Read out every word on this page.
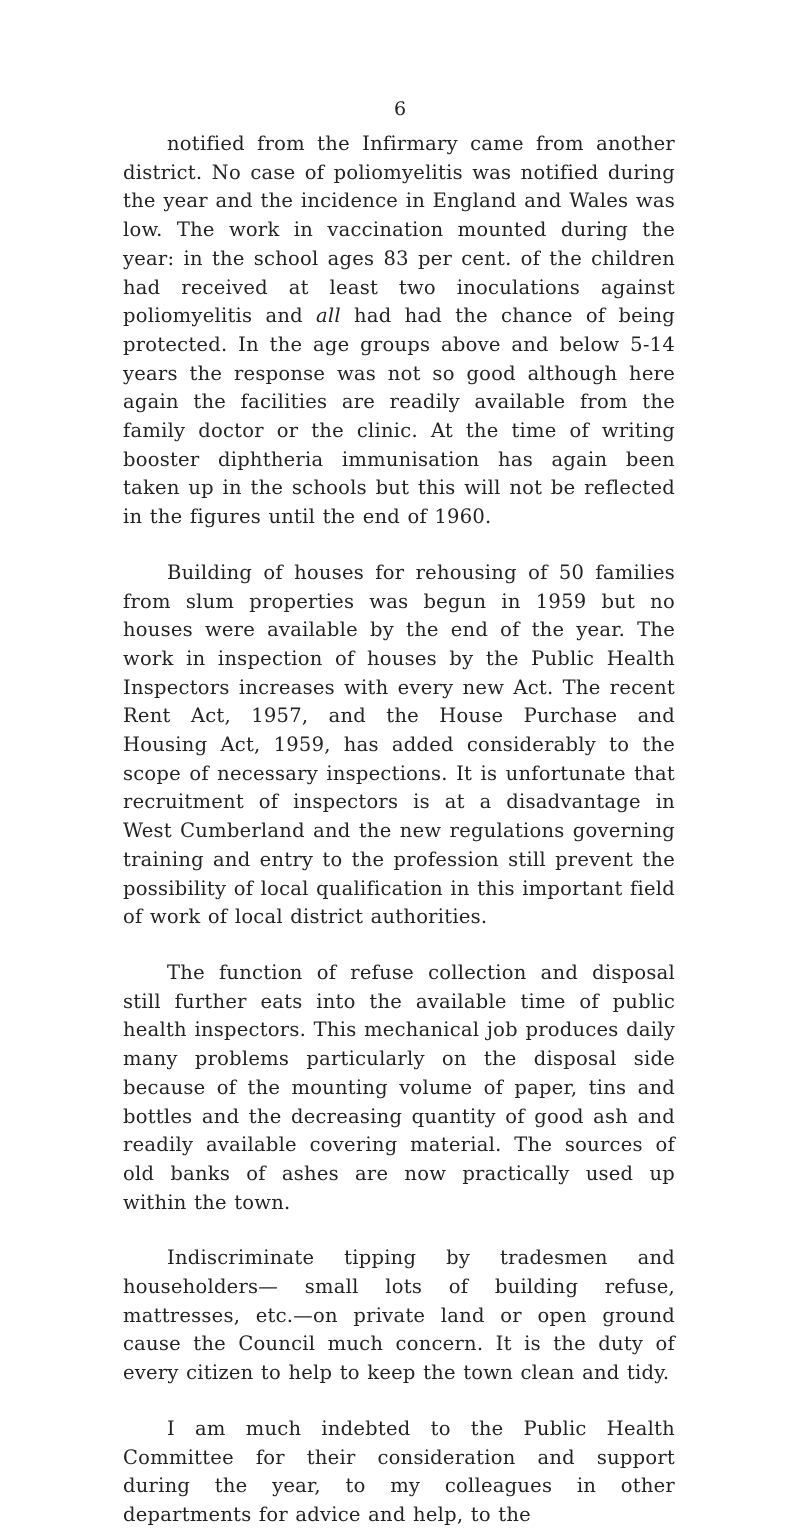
6

notified from the Infirmary came from another district. No case of poliomyelitis was notified during the year and the incidence in England and Wales was low. The work in vaccination mounted during the year: in the school ages 83 per cent. of the children had received at least two inoculations against poliomyelitis and all had had the chance of being protected. In the age groups above and below 5-14 years the response was not so good although here again the facilities are readily available from the family doctor or the clinic. At the time of writing booster diphtheria immunisation has again been taken up in the schools but this will not be reflected in the figures until the end of 1960.

Building of houses for rehousing of 50 families from slum properties was begun in 1959 but no houses were available by the end of the year. The work in inspection of houses by the Public Health Inspectors increases with every new Act. The recent Rent Act, 1957, and the House Purchase and Housing Act, 1959, has added considerably to the scope of necessary inspections. It is unfortunate that recruitment of inspectors is at a disadvantage in West Cumberland and the new regulations governing training and entry to the profession still prevent the possibility of local qualification in this important field of work of local district authorities.

The function of refuse collection and disposal still further eats into the available time of public health inspectors. This mechanical job produces daily many problems particularly on the disposal side because of the mounting volume of paper, tins and bottles and the decreasing quantity of good ash and readily available covering material. The sources of old banks of ashes are now practically used up within the town.

Indiscriminate tipping by tradesmen and householders— small lots of building refuse, mattresses, etc.—on private land or open ground cause the Council much concern. It is the duty of every citizen to help to keep the town clean and tidy.

I am much indebted to the Public Health Committee for their consideration and support during the year, to my colleagues in other departments for advice and help, to the
